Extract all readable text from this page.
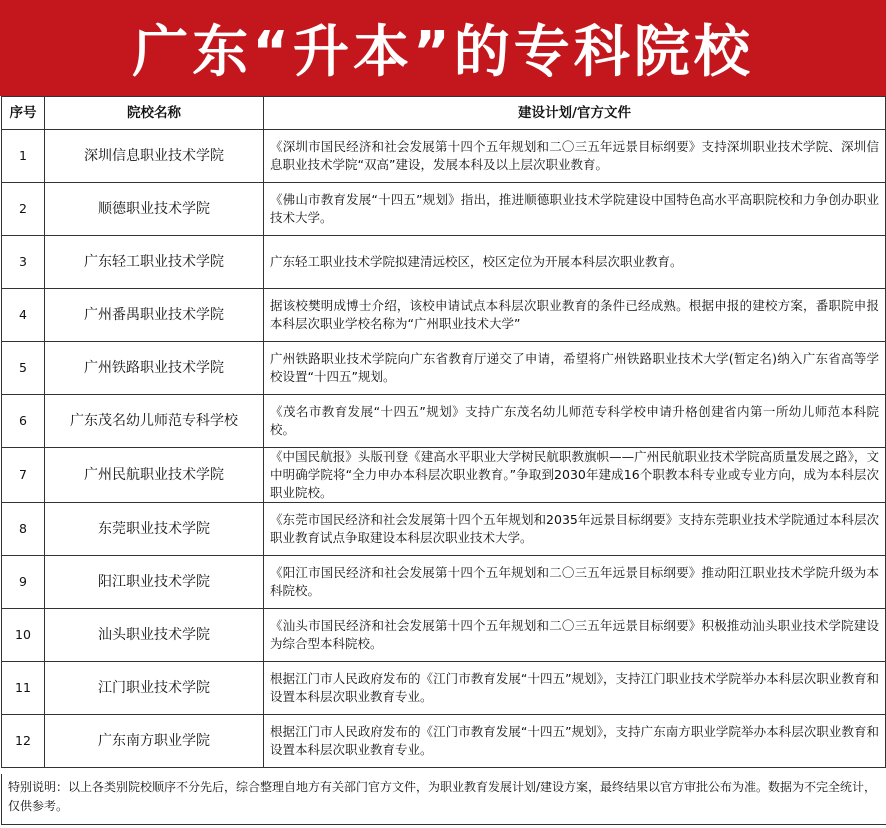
广东“升本”的专科院校
序号	院校名称	建设计划/官方文件
1	深圳信息职业技术学院	《深圳市国民经济和社会发展第十四个五年规划和二〇三五年远景目标纲要》支持深圳职业技术学院、深圳信息职业技术学院“双高”建设，发展本科及以上层次职业教育。
2	顺德职业技术学院	《佛山市教育发展“十四五”规划》指出，推进顺德职业技术学院建设中国特色高水平高职院校和力争创办职业技术大学。
3	广东轻工职业技术学院	广东轻工职业技术学院拟建清远校区，校区定位为开展本科层次职业教育。
4	广州番禺职业技术学院	据该校樊明成博士介绍，该校申请试点本科层次职业教育的条件已经成熟。根据申报的建校方案，番职院申报本科层次职业学校名称为“广州职业技术大学”
5	广州铁路职业技术学院	广州铁路职业技术学院向广东省教育厅递交了申请，希望将广州铁路职业技术大学(暂定名)纳入广东省高等学校设置“十四五”规划。
6	广东茂名幼儿师范专科学校	《茂名市教育发展“十四五”规划》支持广东茂名幼儿师范专科学校申请升格创建省内第一所幼儿师范本科院校。
7	广州民航职业技术学院	《中国民航报》头版刊登《建高水平职业大学树民航职教旗帜——广州民航职业技术学院高质量发展之路》，文中明确学院将“全力申办本科层次职业教育。”争取到2030年建成16个职教本科专业或专业方向，成为本科层次职业院校。
8	东莞职业技术学院	《东莞市国民经济和社会发展第十四个五年规划和2035年远景目标纲要》支持东莞职业技术学院通过本科层次职业教育试点争取建设本科层次职业技术大学。
9	阳江职业技术学院	《阳江市国民经济和社会发展第十四个五年规划和二〇三五年远景目标纲要》推动阳江职业技术学院升级为本科院校。
10	汕头职业技术学院	《汕头市国民经济和社会发展第十四个五年规划和二〇三五年远景目标纲要》积极推动汕头职业技术学院建设为综合型本科院校。
11	江门职业技术学院	根据江门市人民政府发布的《江门市教育发展“十四五”规划》，支持江门职业技术学院举办本科层次职业教育和设置本科层次职业教育专业。
12	广东南方职业学院	根据江门市人民政府发布的《江门市教育发展“十四五”规划》，支持广东南方职业学院举办本科层次职业教育和设置本科层次职业教育专业。
特别说明：以上各类别院校顺序不分先后，综合整理自地方有关部门官方文件，为职业教育发展计划/建设方案，最终结果以官方审批公布为准。数据为不完全统计，仅供参考。
